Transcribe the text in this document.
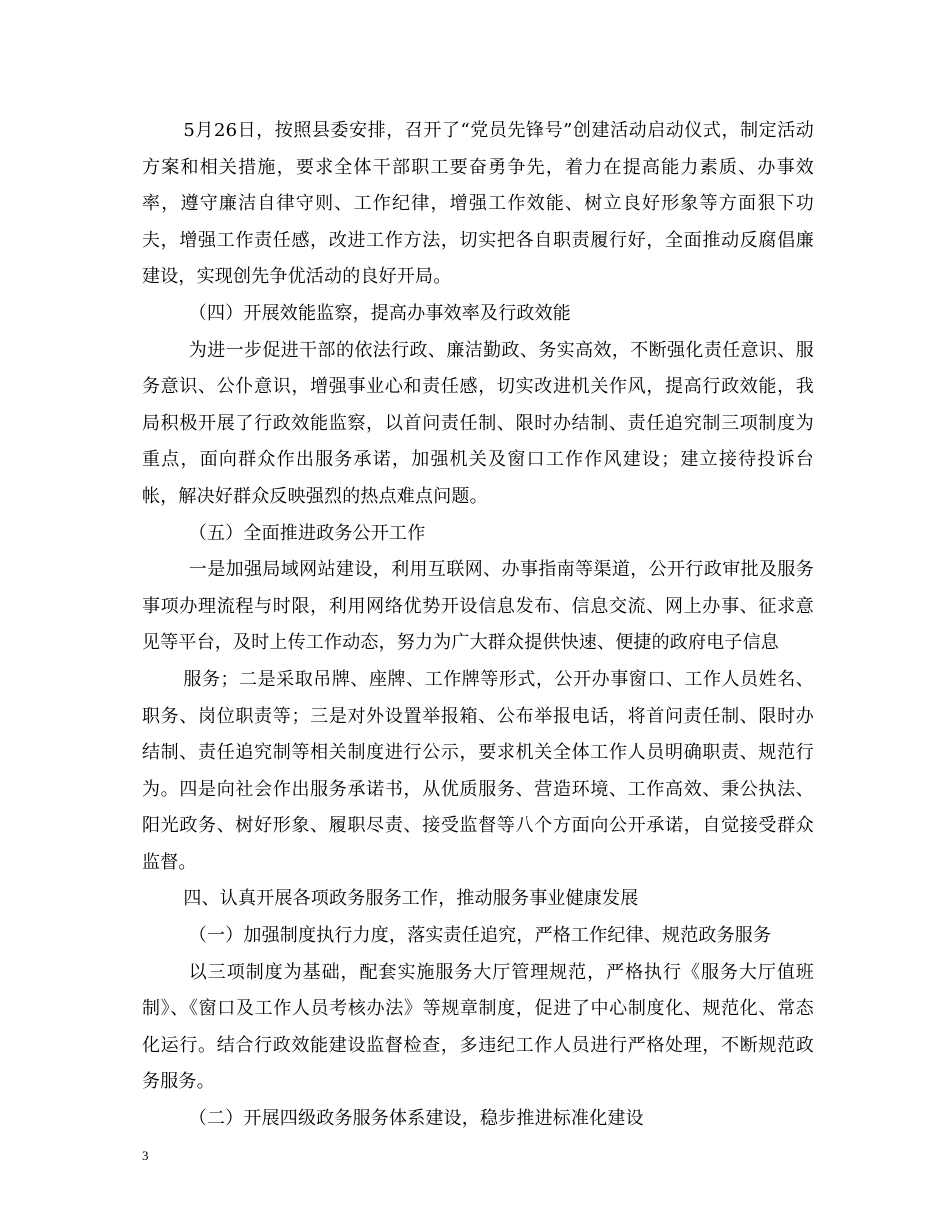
5月26日，按照县委安排，召开了“党员先锋号”创建活动启动仪式，制定活动方案和相关措施，要求全体干部职工要奋勇争先，着力在提高能力素质、办事效率，遵守廉洁自律守则、工作纪律，增强工作效能、树立良好形象等方面狠下功夫，增强工作责任感，改进工作方法，切实把各自职责履行好，全面推动反腐倡廉建设，实现创先争优活动的良好开局。

（四）开展效能监察，提高办事效率及行政效能

为进一步促进干部的依法行政、廉洁勤政、务实高效，不断强化责任意识、服务意识、公仆意识，增强事业心和责任感，切实改进机关作风，提高行政效能，我局积极开展了行政效能监察，以首问责任制、限时办结制、责任追究制三项制度为重点，面向群众作出服务承诺，加强机关及窗口工作作风建设；建立接待投诉台帐，解决好群众反映强烈的热点难点问题。

（五）全面推进政务公开工作

一是加强局域网站建设，利用互联网、办事指南等渠道，公开行政审批及服务事项办理流程与时限，利用网络优势开设信息发布、信息交流、网上办事、征求意见等平台，及时上传工作动态，努力为广大群众提供快速、便捷的政府电子信息

服务；二是采取吊牌、座牌、工作牌等形式，公开办事窗口、工作人员姓名、职务、岗位职责等；三是对外设置举报箱、公布举报电话，将首问责任制、限时办结制、责任追究制等相关制度进行公示，要求机关全体工作人员明确职责、规范行为。四是向社会作出服务承诺书，从优质服务、营造环境、工作高效、秉公执法、阳光政务、树好形象、履职尽责、接受监督等八个方面向公开承诺，自觉接受群众监督。

四、认真开展各项政务服务工作，推动服务事业健康发展

（一）加强制度执行力度，落实责任追究，严格工作纪律、规范政务服务

以三项制度为基础，配套实施服务大厅管理规范，严格执行《服务大厅值班制》、《窗口及工作人员考核办法》等规章制度，促进了中心制度化、规范化、常态化运行。结合行政效能建设监督检查，多违纪工作人员进行严格处理，不断规范政务服务。

（二）开展四级政务服务体系建设，稳步推进标准化建设

3
